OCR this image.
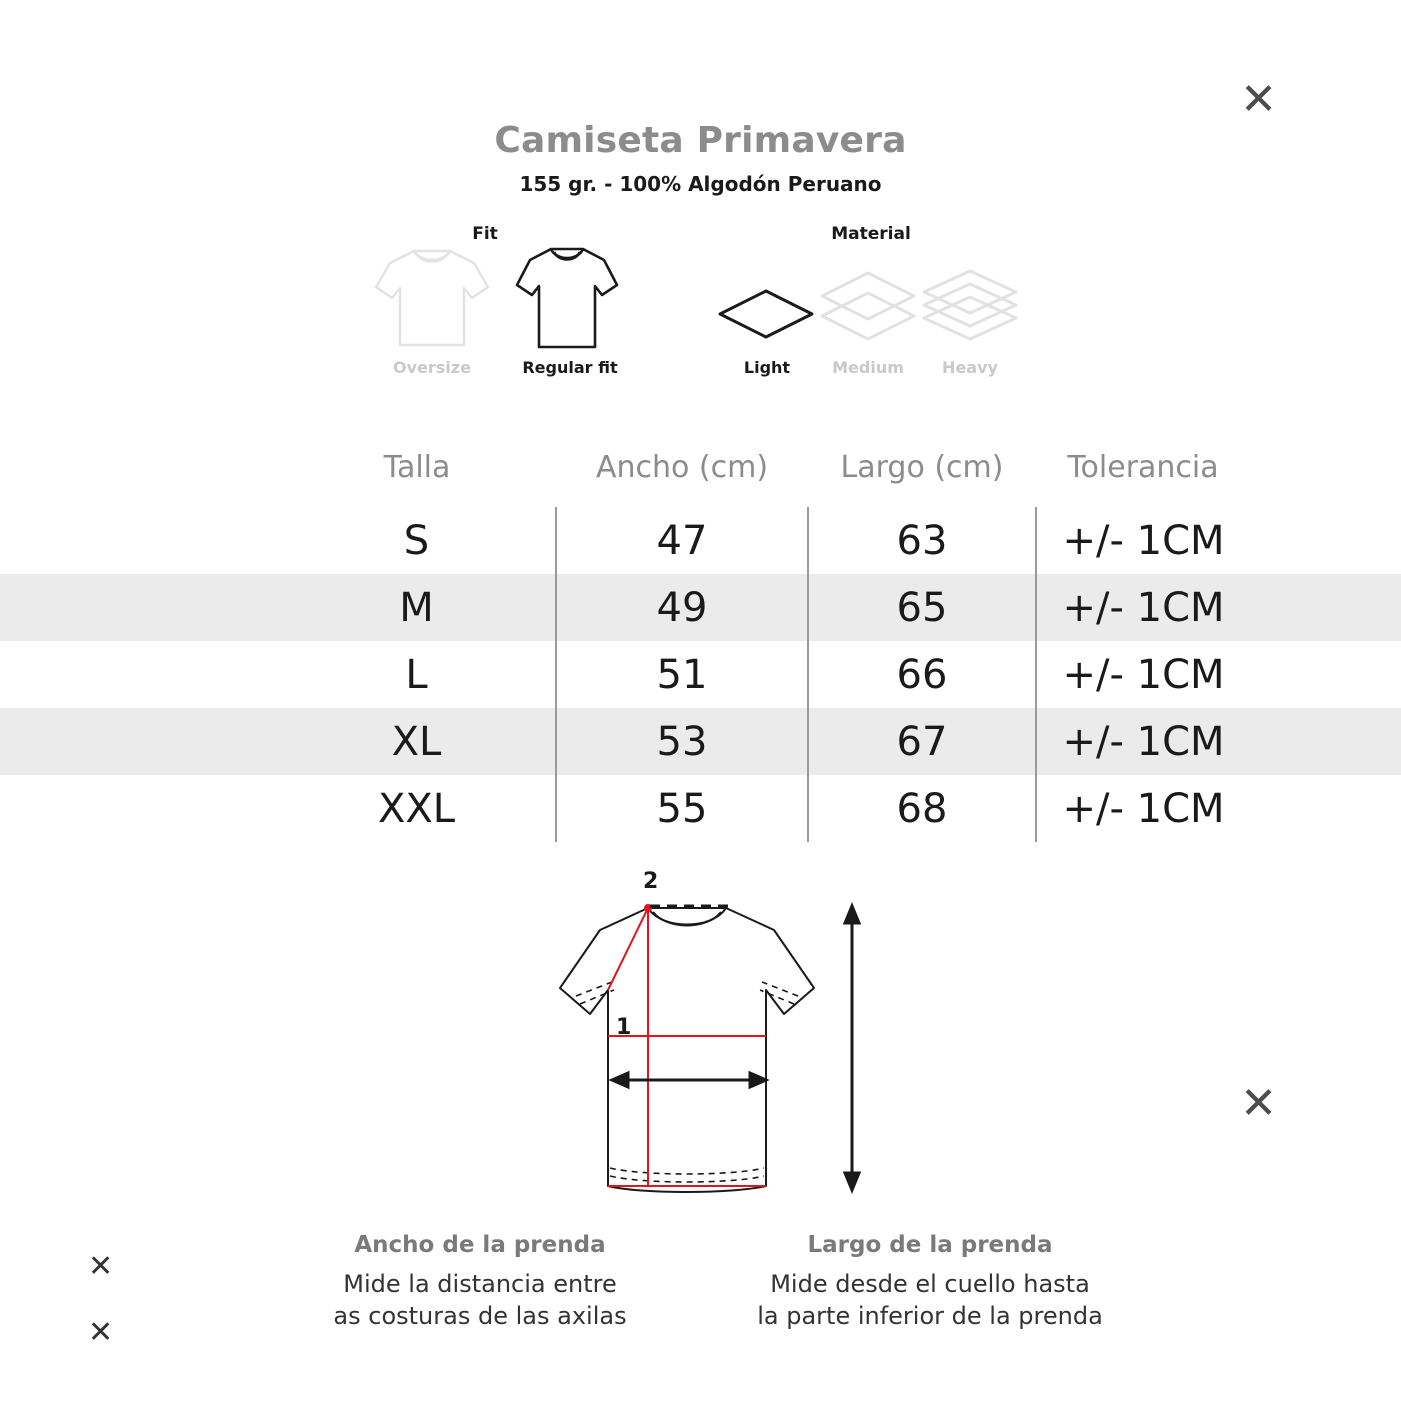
✕
✕
✕
✕
Camiseta Primavera
155 gr. - 100% Algodón Peruano
Fit
Oversize	Regular fit
Material
Light	Medium	Heavy
	Talla	Ancho (cm)	Largo (cm)	Tolerancia	
	S	47	63	+/- 1CM	
	M	49	65	+/- 1CM	
	L	51	66	+/- 1CM	
	XL	53	67	+/- 1CM	
	XXL	55	68	+/- 1CM	
2
1
Ancho de la prenda
Mide la distancia entre
as costuras de las axilas
Largo de la prenda
Mide desde el cuello hasta
la parte inferior de la prenda
